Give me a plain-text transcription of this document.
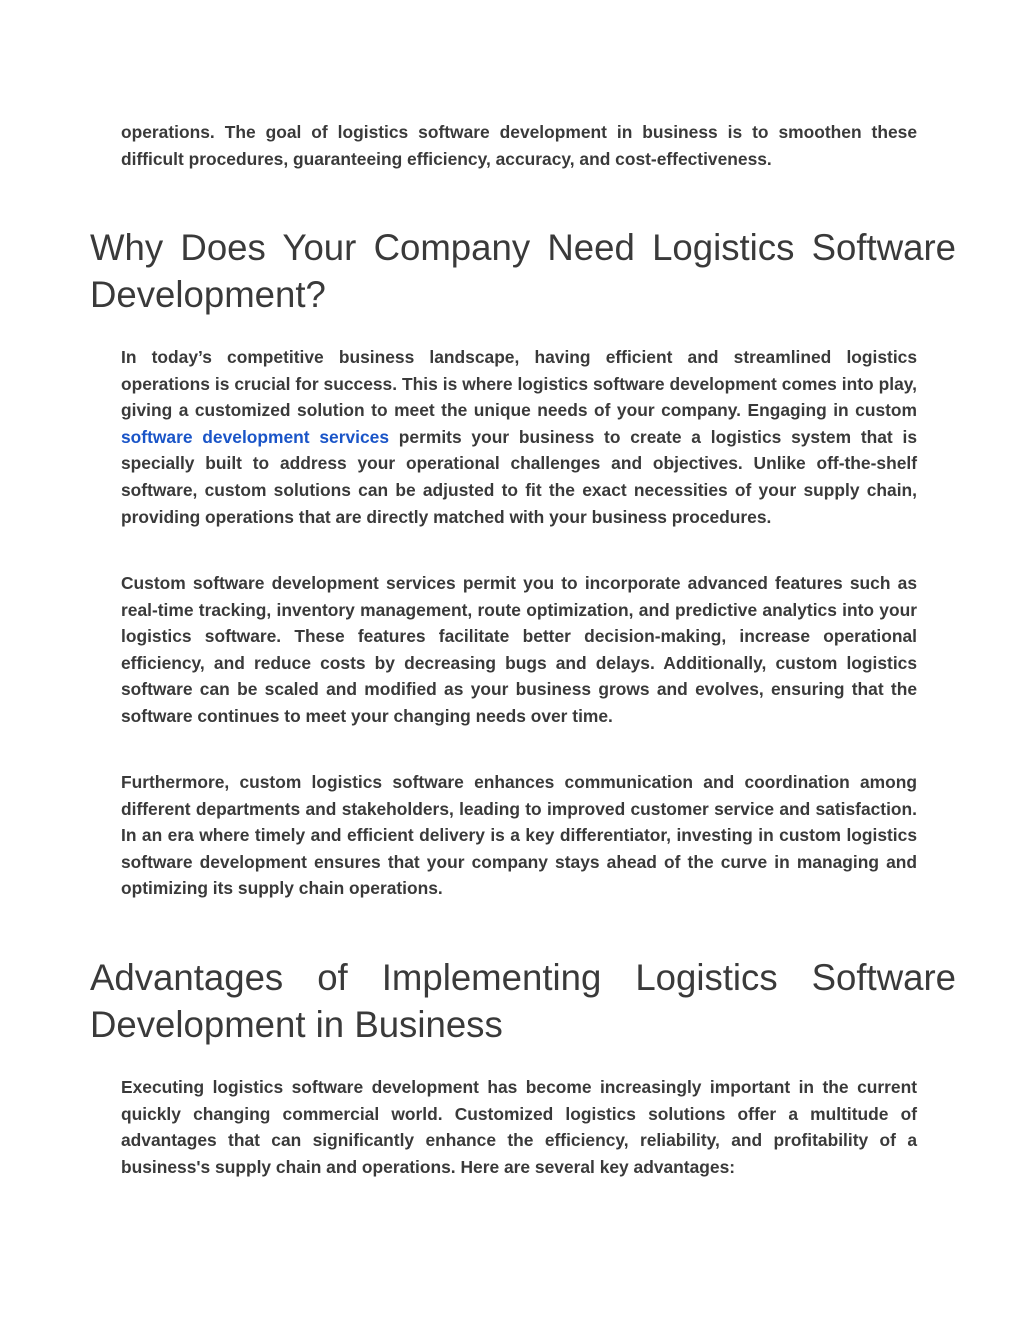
operations. The goal of logistics software development in business is to smoothen these difficult procedures, guaranteeing efficiency, accuracy, and cost-effectiveness.

Why Does Your Company Need Logistics Software Development?

In today’s competitive business landscape, having efficient and streamlined logistics operations is crucial for success. This is where logistics software development comes into play, giving a customized solution to meet the unique needs of your company. Engaging in custom software development services permits your business to create a logistics system that is specially built to address your operational challenges and objectives. Unlike off-the-shelf software, custom solutions can be adjusted to fit the exact necessities of your supply chain, providing operations that are directly matched with your business procedures.

Custom software development services permit you to incorporate advanced features such as real-time tracking, inventory management, route optimization, and predictive analytics into your logistics software. These features facilitate better decision-making, increase operational efficiency, and reduce costs by decreasing bugs and delays. Additionally, custom logistics software can be scaled and modified as your business grows and evolves, ensuring that the software continues to meet your changing needs over time.

Furthermore, custom logistics software enhances communication and coordination among different departments and stakeholders, leading to improved customer service and satisfaction. In an era where timely and efficient delivery is a key differentiator, investing in custom logistics software development ensures that your company stays ahead of the curve in managing and optimizing its supply chain operations.

Advantages of Implementing Logistics Software Development in Business

Executing logistics software development has become increasingly important in the current quickly changing commercial world. Customized logistics solutions offer a multitude of advantages that can significantly enhance the efficiency, reliability, and profitability of a business's supply chain and operations. Here are several key advantages:
